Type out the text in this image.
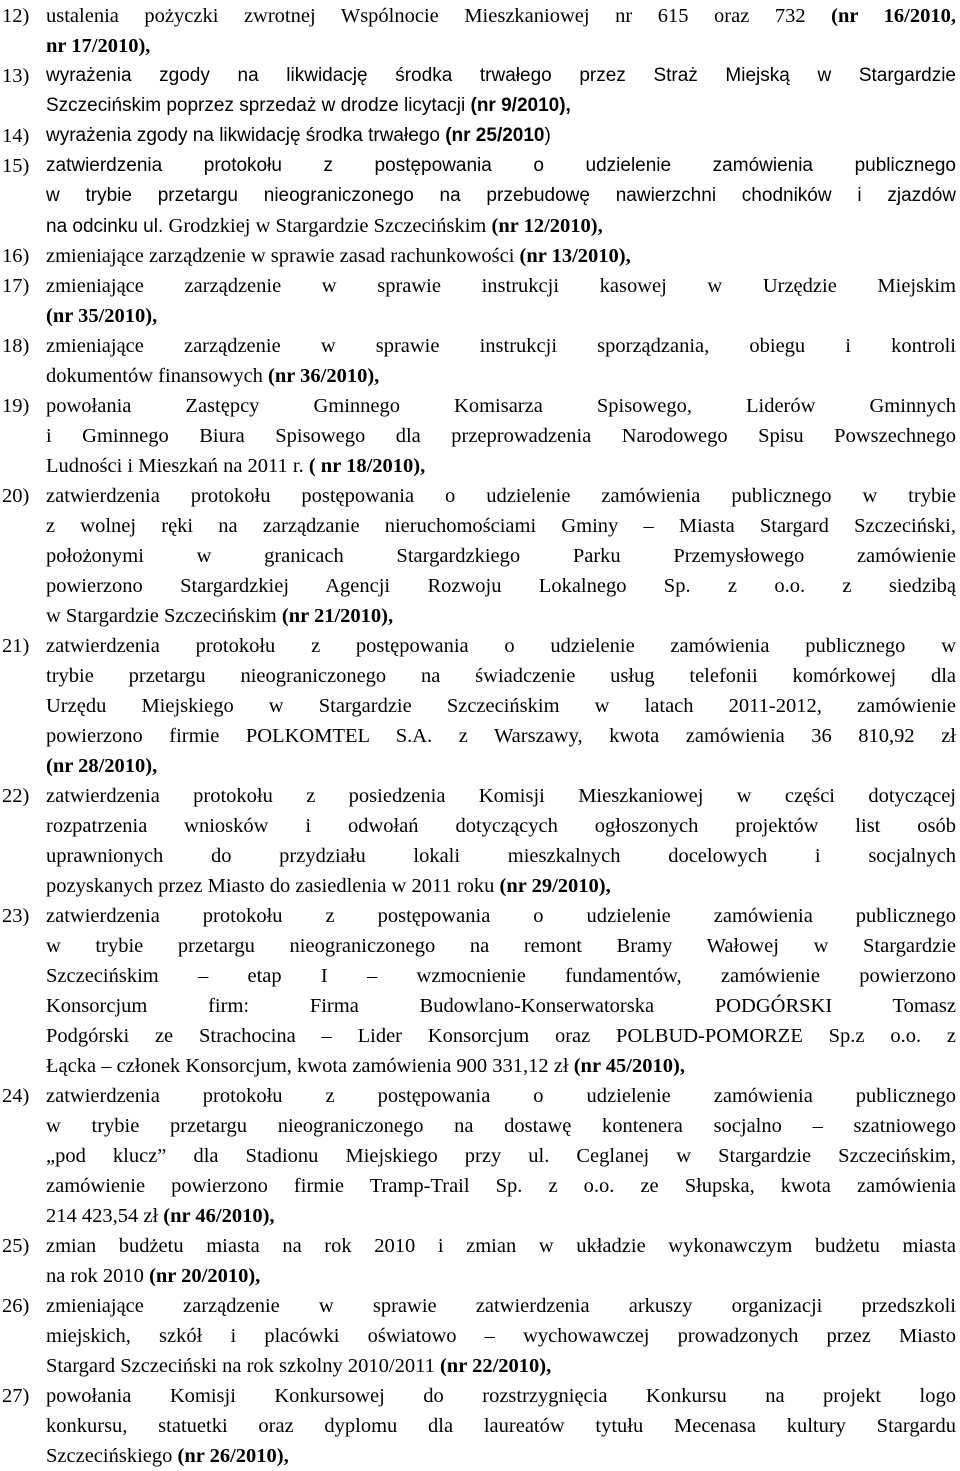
12) ustalenia pożyczki zwrotnej Wspólnocie Mieszkaniowej nr 615 oraz 732 (nr 16/2010,
nr 17/2010),
13) wyrażenia zgody na likwidację środka trwałego przez Straż Miejską w Stargardzie
Szczecińskim poprzez sprzedaż w drodze licytacji (nr 9/2010),
14) wyrażenia zgody na likwidację środka trwałego (nr 25/2010)
15) zatwierdzenia protokołu z postępowania o udzielenie zamówienia publicznego
w trybie przetargu nieograniczonego na przebudowę nawierzchni chodników i zjazdów
na odcinku ul. Grodzkiej w Stargardzie Szczecińskim (nr 12/2010),
16) zmieniające zarządzenie w sprawie zasad rachunkowości (nr 13/2010),
17) zmieniające zarządzenie w sprawie instrukcji kasowej w Urzędzie Miejskim
(nr 35/2010),
18) zmieniające zarządzenie w sprawie instrukcji sporządzania, obiegu i kontroli
dokumentów finansowych (nr 36/2010),
19) powołania Zastępcy Gminnego Komisarza Spisowego, Liderów Gminnych
i Gminnego Biura Spisowego dla przeprowadzenia Narodowego Spisu Powszechnego
Ludności i Mieszkań na 2011 r. ( nr 18/2010),
20) zatwierdzenia protokołu postępowania o udzielenie zamówienia publicznego w trybie
z wolnej ręki na zarządzanie nieruchomościami Gminy – Miasta Stargard Szczeciński,
położonymi w granicach Stargardzkiego Parku Przemysłowego zamówienie
powierzono Stargardzkiej Agencji Rozwoju Lokalnego Sp. z o.o. z siedzibą
w Stargardzie Szczecińskim (nr 21/2010),
21) zatwierdzenia protokołu z postępowania o udzielenie zamówienia publicznego w
trybie przetargu nieograniczonego na świadczenie usług telefonii komórkowej dla
Urzędu Miejskiego w Stargardzie Szczecińskim w latach 2011-2012, zamówienie
powierzono firmie POLKOMTEL S.A. z Warszawy, kwota zamówienia 36 810,92 zł
(nr 28/2010),
22) zatwierdzenia protokołu z posiedzenia Komisji Mieszkaniowej w części dotyczącej
rozpatrzenia wniosków i odwołań dotyczących ogłoszonych projektów list osób
uprawnionych do przydziału lokali mieszkalnych docelowych i socjalnych
pozyskanych przez Miasto do zasiedlenia w 2011 roku (nr 29/2010),
23) zatwierdzenia protokołu z postępowania o udzielenie zamówienia publicznego
w trybie przetargu nieograniczonego na remont Bramy Wałowej w Stargardzie
Szczecińskim – etap I – wzmocnienie fundamentów, zamówienie powierzono
Konsorcjum firm: Firma Budowlano-Konserwatorska PODGÓRSKI Tomasz
Podgórski ze Strachocina – Lider Konsorcjum oraz POLBUD-POMORZE Sp.z o.o. z
Łącka – członek Konsorcjum, kwota zamówienia 900 331,12 zł (nr 45/2010),
24) zatwierdzenia protokołu z postępowania o udzielenie zamówienia publicznego
w trybie przetargu nieograniczonego na dostawę kontenera socjalno – szatniowego
„pod klucz” dla Stadionu Miejskiego przy ul. Ceglanej w Stargardzie Szczecińskim,
zamówienie powierzono firmie Tramp-Trail Sp. z o.o. ze Słupska, kwota zamówienia
214 423,54 zł (nr 46/2010),
25) zmian budżetu miasta na rok 2010 i zmian w układzie wykonawczym budżetu miasta
na rok 2010 (nr 20/2010),
26) zmieniające zarządzenie w sprawie zatwierdzenia arkuszy organizacji przedszkoli
miejskich, szkół i placówki oświatowo – wychowawczej prowadzonych przez Miasto
Stargard Szczeciński na rok szkolny 2010/2011 (nr 22/2010),
27) powołania Komisji Konkursowej do rozstrzygnięcia Konkursu na projekt logo
konkursu, statuetki oraz dyplomu dla laureatów tytułu Mecenasa kultury Stargardu
Szczecińskiego (nr 26/2010),
